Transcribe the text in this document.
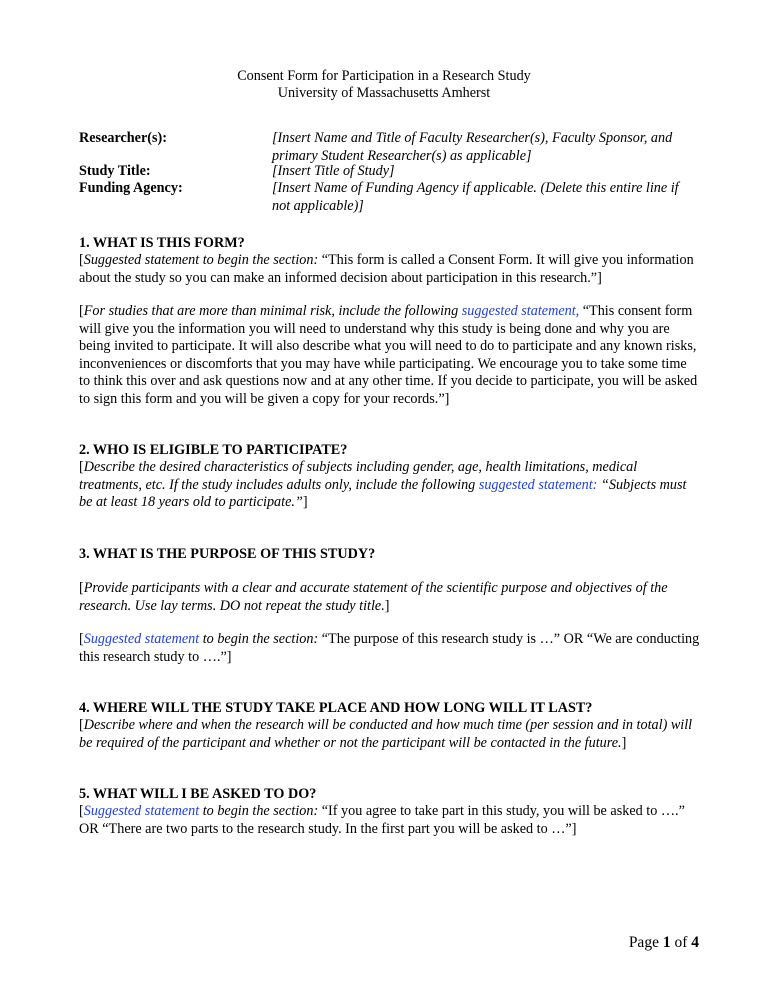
Consent Form for Participation in a Research Study
University of Massachusetts Amherst
Researcher(s):
Study Title:
Funding Agency:
[Insert Name and Title of Faculty Researcher(s), Faculty Sponsor, and primary Student Researcher(s) as applicable]
[Insert Title of Study]
[Insert Name of Funding Agency if applicable. (Delete this entire line if not applicable)]
1. WHAT IS THIS FORM?

[Suggested statement to begin the section: “This form is called a Consent Form. It will give you information about the study so you can make an informed decision about participation in this research.”]

[For studies that are more than minimal risk, include the following suggested statement, “This consent form will give you the information you will need to understand why this study is being done and why you are being invited to participate. It will also describe what you will need to do to participate and any known risks, inconveniences or discomforts that you may have while participating. We encourage you to take some time to think this over and ask questions now and at any other time. If you decide to participate, you will be asked to sign this form and you will be given a copy for your records.”]

2. WHO IS ELIGIBLE TO PARTICIPATE?

[Describe the desired characteristics of subjects including gender, age, health limitations, medical treatments, etc. If the study includes adults only, include the following suggested statement: “Subjects must be at least 18 years old to participate.”]

3. WHAT IS THE PURPOSE OF THIS STUDY?

[Provide participants with a clear and accurate statement of the scientific purpose and objectives of the research. Use lay terms. DO not repeat the study title.]

[Suggested statement to begin the section: “The purpose of this research study is …” OR “We are conducting this research study to ….”]

4. WHERE WILL THE STUDY TAKE PLACE AND HOW LONG WILL IT LAST?

[Describe where and when the research will be conducted and how much time (per session and in total) will be required of the participant and whether or not the participant will be contacted in the future.]

5. WHAT WILL I BE ASKED TO DO?

[Suggested statement to begin the section: “If you agree to take part in this study, you will be asked to ….” OR “There are two parts to the research study. In the first part you will be asked to …”]

Page 1 of 4
